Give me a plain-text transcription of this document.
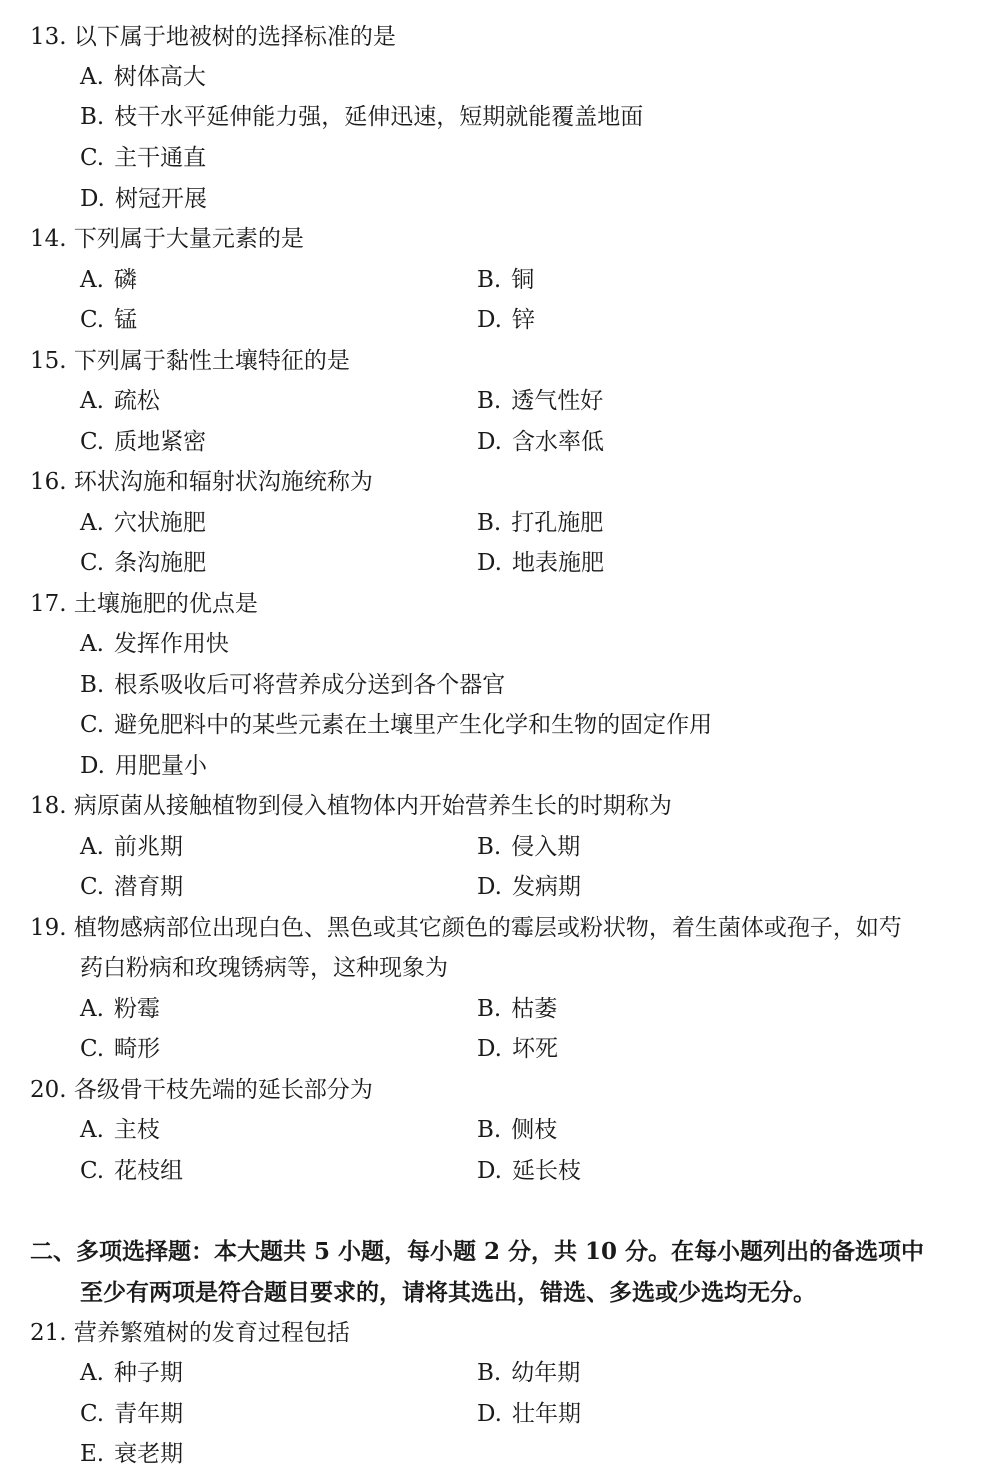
13. 以下属于地被树的选择标准的是
A. 树体高大
B. 枝干水平延伸能力强，延伸迅速，短期就能覆盖地面
C. 主干通直
D. 树冠开展
14. 下列属于大量元素的是
A. 磷	B. 铜
C. 锰	D. 锌
15. 下列属于黏性土壤特征的是
A. 疏松	B. 透气性好
C. 质地紧密	D. 含水率低
16. 环状沟施和辐射状沟施统称为
A. 穴状施肥	B. 打孔施肥
C. 条沟施肥	D. 地表施肥
17. 土壤施肥的优点是
A. 发挥作用快
B. 根系吸收后可将营养成分送到各个器官
C. 避免肥料中的某些元素在土壤里产生化学和生物的固定作用
D. 用肥量小
18. 病原菌从接触植物到侵入植物体内开始营养生长的时期称为
A. 前兆期	B. 侵入期
C. 潜育期	D. 发病期
19. 植物感病部位出现白色、黑色或其它颜色的霉层或粉状物，着生菌体或孢子，如芍
药白粉病和玫瑰锈病等，这种现象为
A. 粉霉	B. 枯萎
C. 畸形	D. 坏死
20. 各级骨干枝先端的延长部分为
A. 主枝	B. 侧枝
C. 花枝组	D. 延长枝
二、多项选择题：本大题共 5 小题，每小题 2 分，共 10 分。在每小题列出的备选项中
至少有两项是符合题目要求的，请将其选出，错选、多选或少选均无分。
21. 营养繁殖树的发育过程包括
A. 种子期	B. 幼年期
C. 青年期	D. 壮年期
E. 衰老期
